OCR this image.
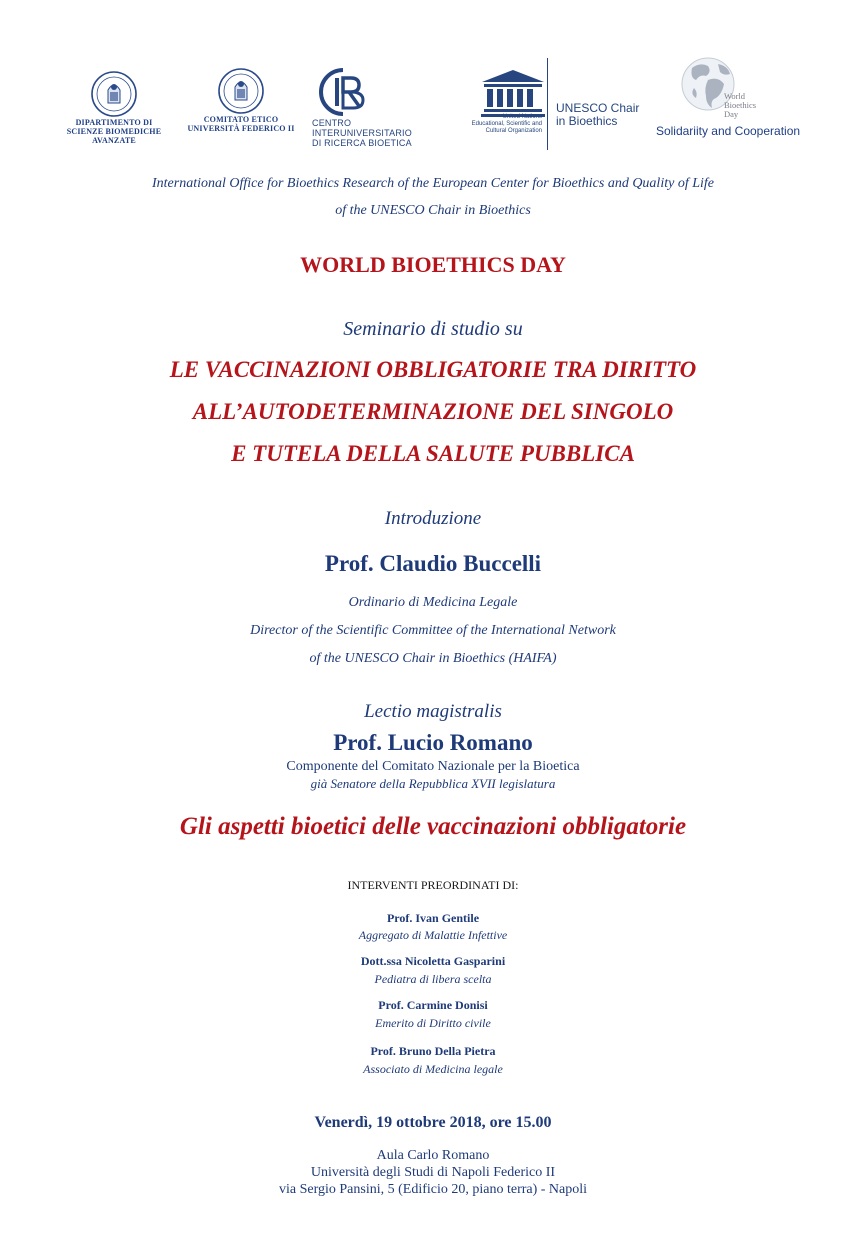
DIPARTIMENTO DI
SCIENZE BIOMEDICHE AVANZATE
COMITATO ETICO
UNIVERSITÀ FEDERICO II
CENTRO INTERUNIVERSITARIO
DI RICERCA BIOETICA
United Nations
Educational, Scientific and
Cultural Organization
UNESCO Chair
in Bioethics
World
Bioethics
Day
Solidariity and Cooperation
International Office for Bioethics Research of the European Center for Bioethics and Quality of Life
of the UNESCO Chair in Bioethics
WORLD BIOETHICS DAY
Seminario di studio su
LE VACCINAZIONI OBBLIGATORIE TRA DIRITTO
ALL’AUTODETERMINAZIONE DEL SINGOLO
E TUTELA DELLA SALUTE PUBBLICA
Introduzione
Prof. Claudio Buccelli
Ordinario di Medicina Legale
Director of the Scientific Committee of the International Network
of the UNESCO Chair in Bioethics (HAIFA)
Lectio magistralis
Prof. Lucio Romano
Componente del Comitato Nazionale per la Bioetica
già Senatore della Repubblica XVII legislatura
Gli aspetti bioetici delle vaccinazioni obbligatorie
INTERVENTI PREORDINATI DI:
Prof. Ivan Gentile
Aggregato di Malattie Infettive
Dott.ssa Nicoletta Gasparini
Pediatra di libera scelta
Prof. Carmine Donisi
Emerito di Diritto civile
Prof. Bruno Della Pietra
Associato di Medicina legale
Venerdì, 19 ottobre 2018, ore 15.00
Aula Carlo Romano
Università degli Studi di Napoli Federico II
via Sergio Pansini, 5 (Edificio 20, piano terra) - Napoli
